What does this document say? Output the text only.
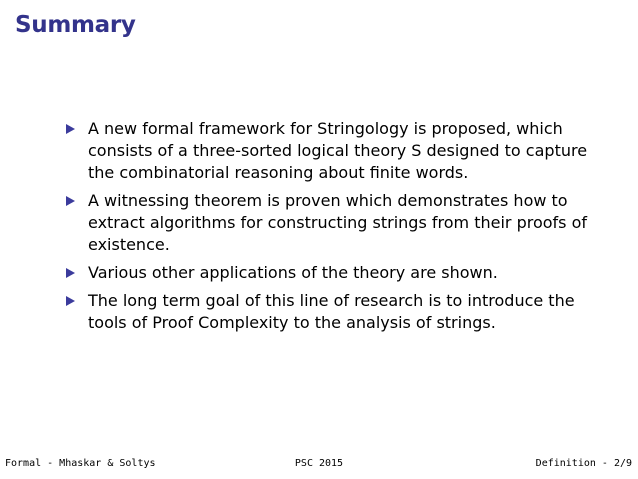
Summary
A new formal framework for Stringology is proposed, which consists of a three-sorted logical theory S designed to capture the combinatorial reasoning about finite words.
A witnessing theorem is proven which demonstrates how to extract algorithms for constructing strings from their proofs of existence.
Various other applications of the theory are shown.
The long term goal of this line of research is to introduce the tools of Proof Complexity to the analysis of strings.
Formal - Mhaskar & Soltys	PSC 2015	Definition - 2/9
